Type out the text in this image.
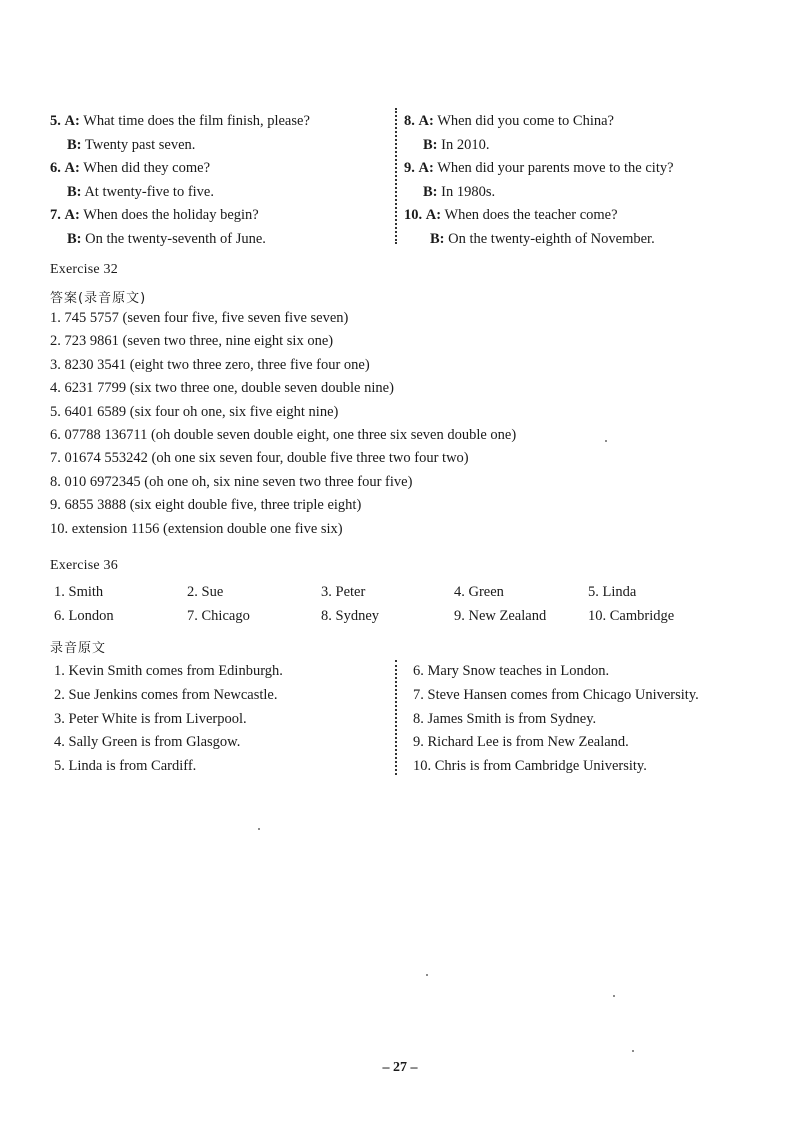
5. A: What time does the film finish, please?
B: Twenty past seven.
6. A: When did they come?
B: At twenty-five to five.
7. A: When does the holiday begin?
B: On the twenty-seventh of June.
8. A: When did you come to China?
B: In 2010.
9. A: When did your parents move to the city?
B: In 1980s.
10. A: When does the teacher come?
B: On the twenty-eighth of November.
Exercise 32
答案(录音原文)
1. 745 5757 (seven four five, five seven five seven)
2. 723 9861 (seven two three, nine eight six one)
3. 8230 3541 (eight two three zero, three five four one)
4. 6231 7799 (six two three one, double seven double nine)
5. 6401 6589 (six four oh one, six five eight nine)
6. 07788 136711 (oh double seven double eight, one three six seven double one)
7. 01674 553242 (oh one six seven four, double five three two four two)
8. 010 6972345 (oh one oh, six nine seven two three four five)
9. 6855 3888 (six eight double five, three triple eight)
10. extension 1156 (extension double one five six)
Exercise 36
1. Smith	2. Sue	3. Peter	4. Green	5. Linda
6. London	7. Chicago	8. Sydney	9. New Zealand	10. Cambridge
录音原文
1. Kevin Smith comes from Edinburgh.
2. Sue Jenkins comes from Newcastle.
3. Peter White is from Liverpool.
4. Sally Green is from Glasgow.
5. Linda is from Cardiff.
6. Mary Snow teaches in London.
7. Steve Hansen comes from Chicago University.
8. James Smith is from Sydney.
9. Richard Lee is from New Zealand.
10. Chris is from Cambridge University.
– 27 –
